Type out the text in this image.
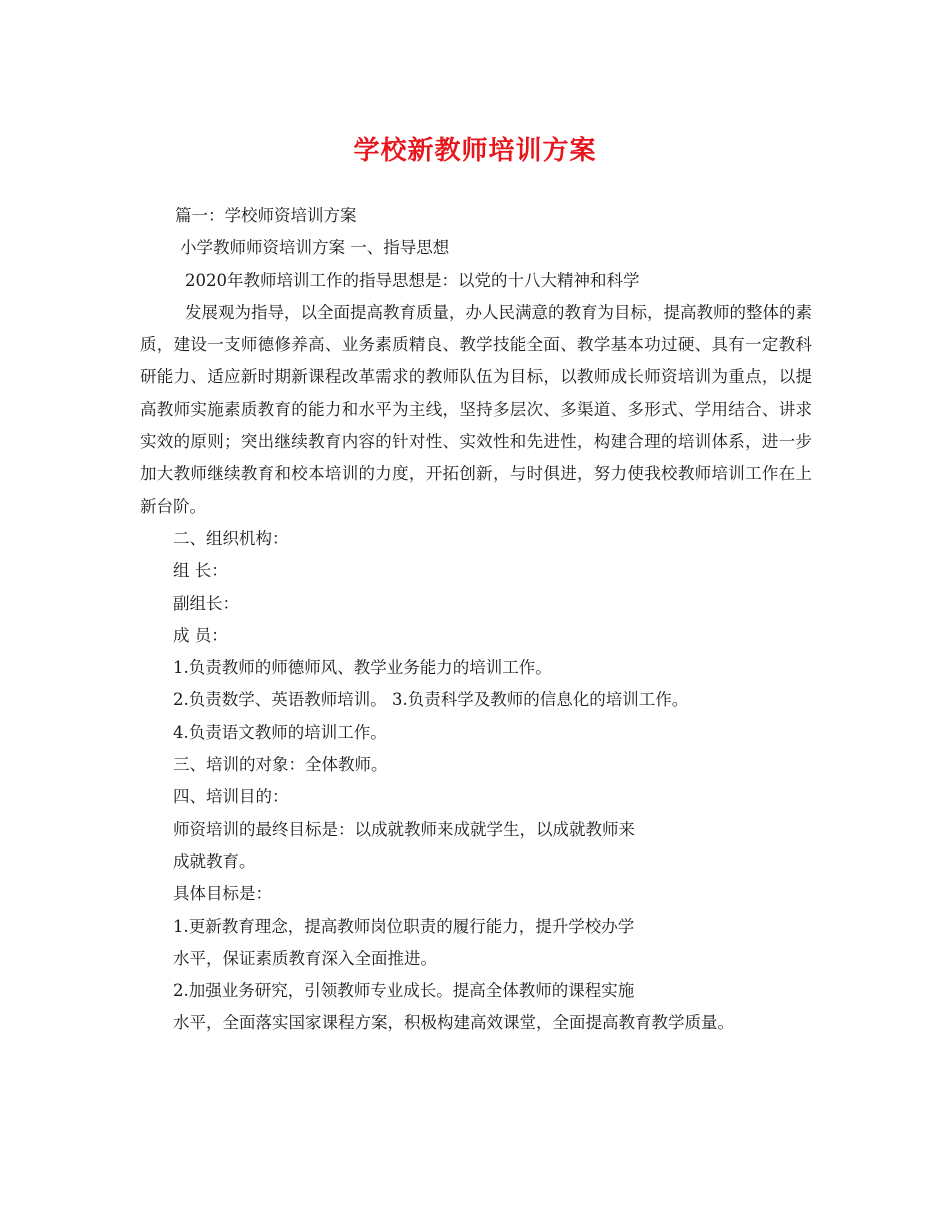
学校新教师培训方案

篇一：学校师资培训方案

小学教师师资培训方案 一、指导思想

2020年教师培训工作的指导思想是：以党的十八大精神和科学

发展观为指导，以全面提高教育质量，办人民满意的教育为目标，提高教师的整体的素质，建设一支师德修养高、业务素质精良、教学技能全面、教学基本功过硬、具有一定教科研能力、适应新时期新课程改革需求的教师队伍为目标，以教师成长师资培训为重点，以提高教师实施素质教育的能力和水平为主线，坚持多层次、多渠道、多形式、学用结合、讲求实效的原则；突出继续教育内容的针对性、实效性和先进性，构建合理的培训体系，进一步加大教师继续教育和校本培训的力度，开拓创新，与时俱进，努力使我校教师培训工作在上新台阶。

二、组织机构：

组 长：

副组长：

成 员：

1.负责教师的师德师风、教学业务能力的培训工作。

2.负责数学、英语教师培训。 3.负责科学及教师的信息化的培训工作。

4.负责语文教师的培训工作。

三、培训的对象：全体教师。

四、培训目的：

师资培训的最终目标是：以成就教师来成就学生，以成就教师来

成就教育。

具体目标是：

1.更新教育理念，提高教师岗位职责的履行能力，提升学校办学

水平，保证素质教育深入全面推进。

2.加强业务研究，引领教师专业成长。提高全体教师的课程实施

水平，全面落实国家课程方案，积极构建高效课堂，全面提高教育教学质量。
